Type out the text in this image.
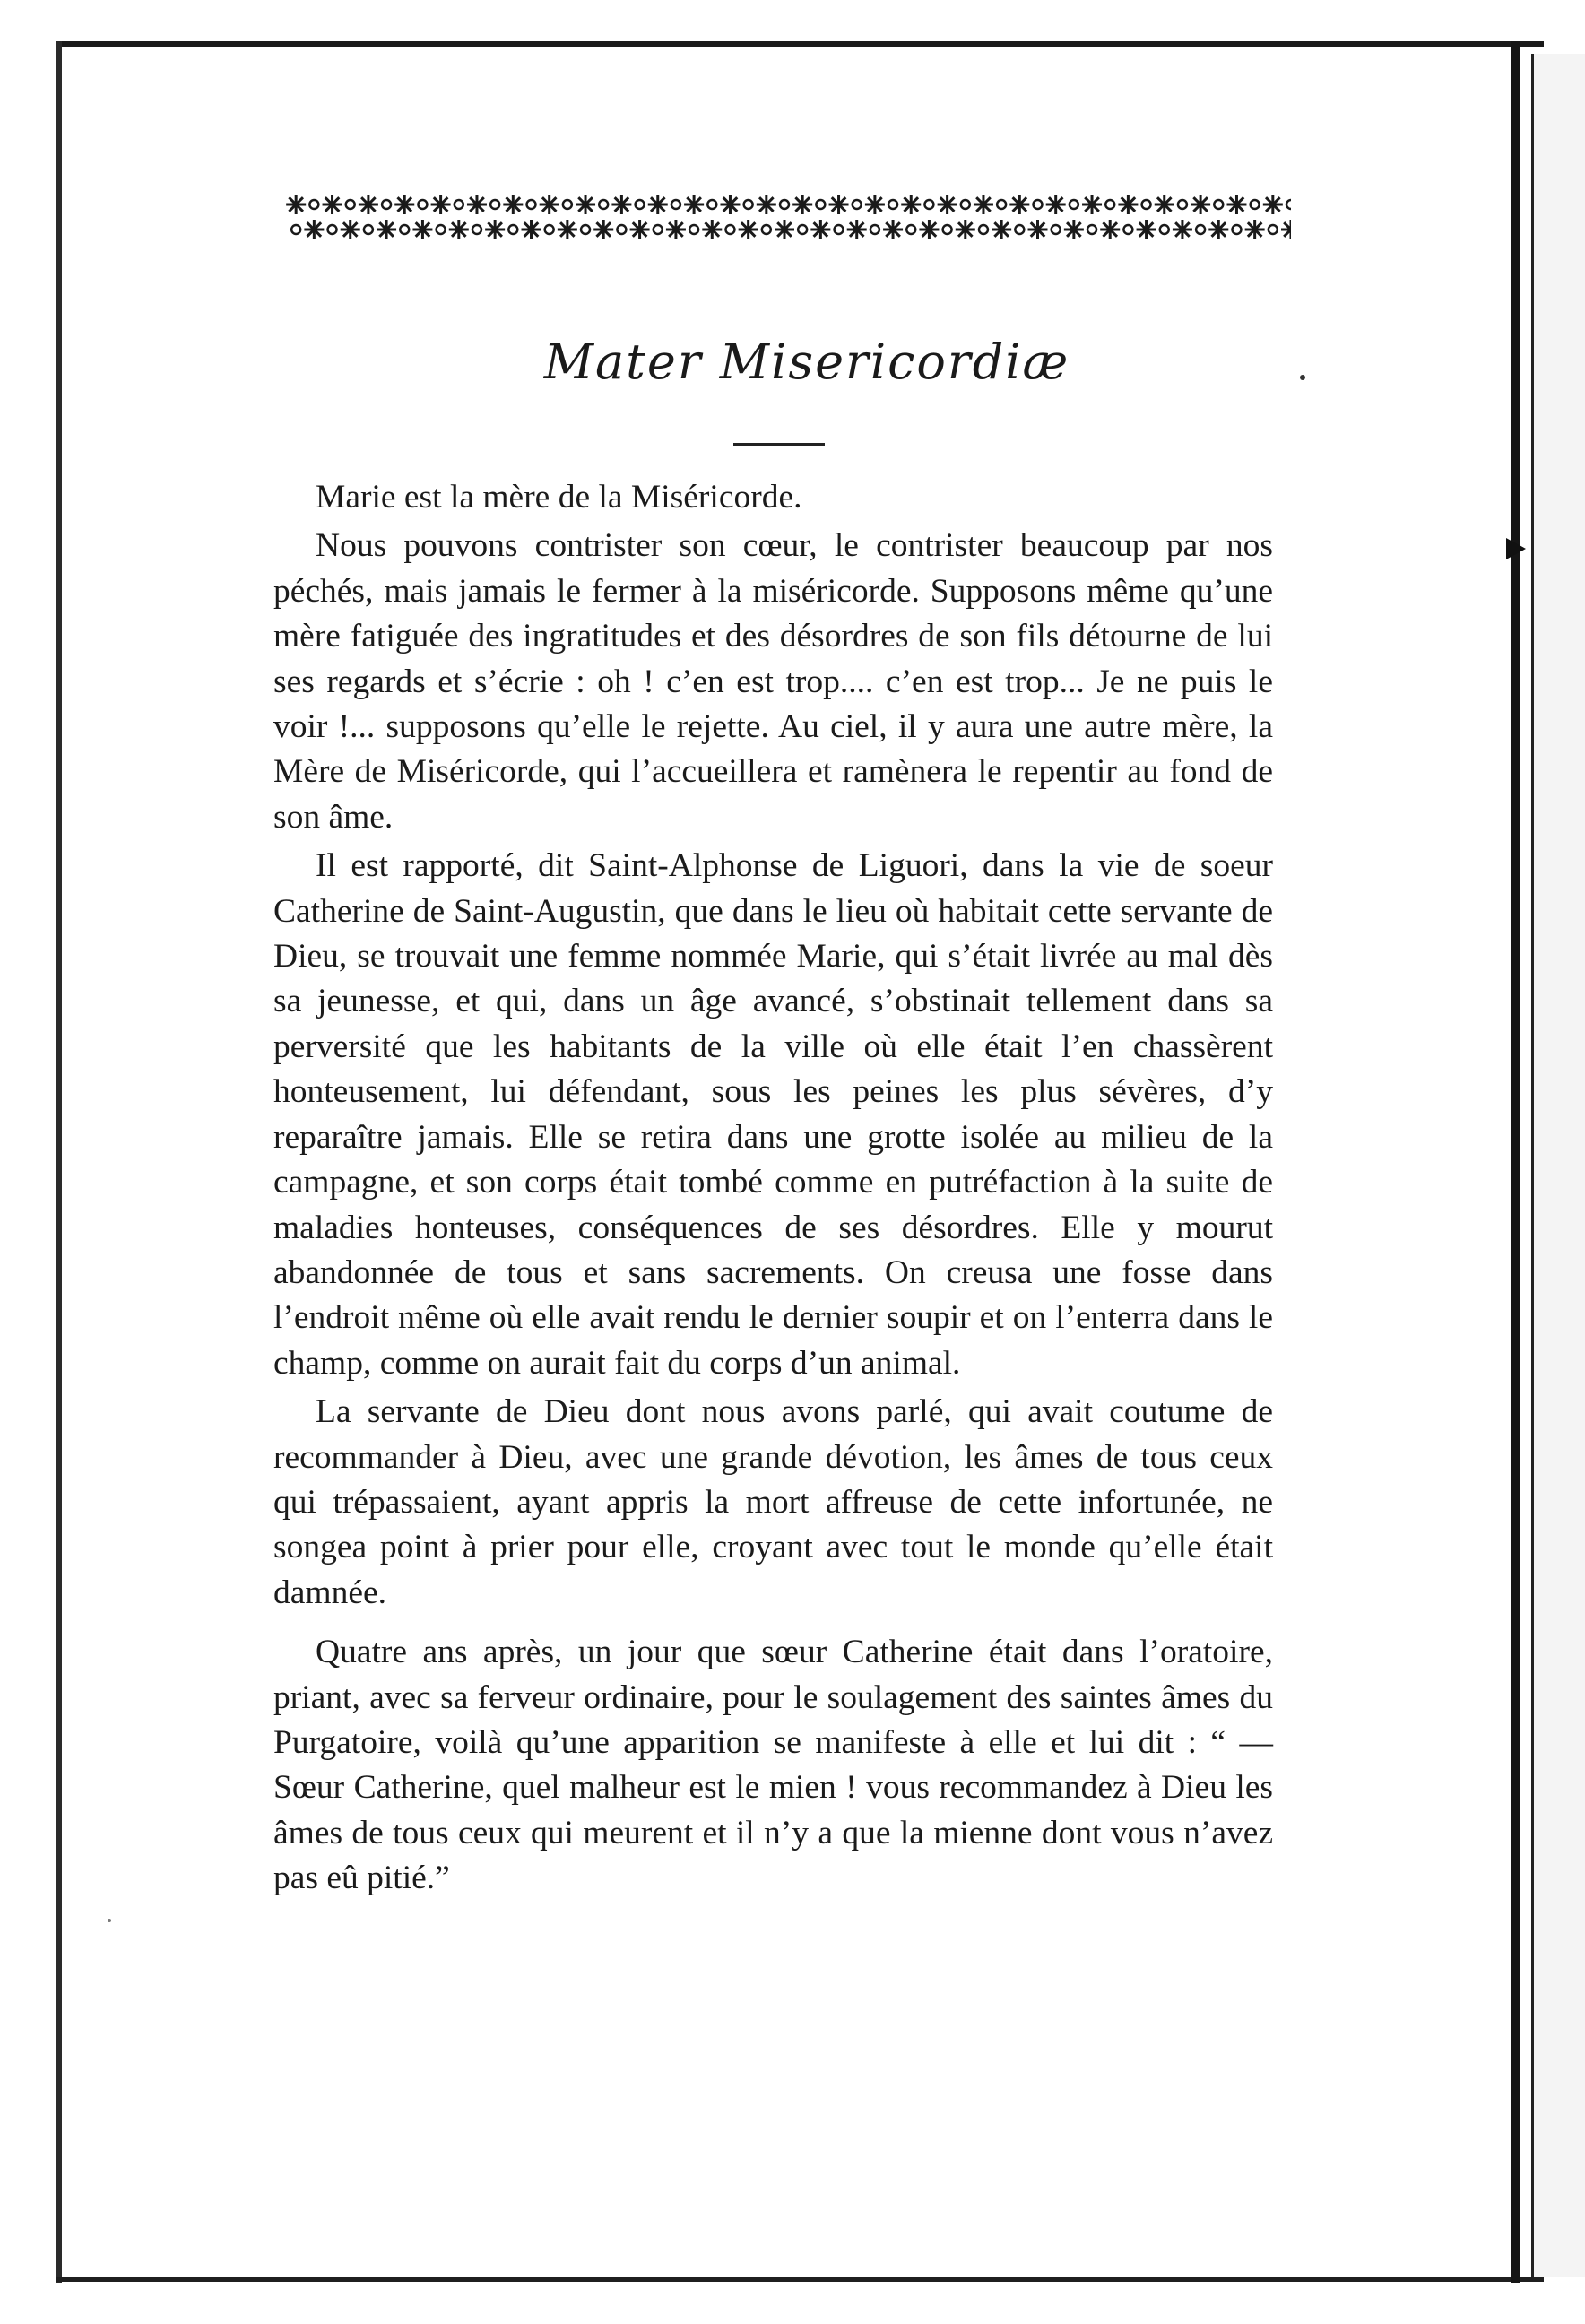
Mater Misericordiæ

Marie est la mère de la Miséricorde.

Nous pouvons contrister son cœur, le contrister beaucoup par nos péchés, mais jamais le fermer à la miséricorde. Supposons même qu’une mère fatiguée des ingratitudes et des désordres de son fils détourne de lui ses regards et s’écrie : oh ! c’en est trop.... c’en est trop... Je ne puis le voir !... supposons qu’elle le rejette. Au ciel, il y aura une autre mère, la Mère de Miséricorde, qui l’accueillera et ramènera le repentir au fond de son âme.

Il est rapporté, dit Saint-Alphonse de Liguori, dans la vie de soeur Catherine de Saint-Augustin, que dans le lieu où habitait cette servante de Dieu, se trouvait une femme nommée Marie, qui s’était livrée au mal dès sa jeunesse, et qui, dans un âge avancé, s’obstinait tellement dans sa perversité que les habitants de la ville où elle était l’en chassèrent honteusement, lui défendant, sous les peines les plus sévères, d’y reparaître jamais. Elle se retira dans une grotte isolée au milieu de la campagne, et son corps était tombé comme en putréfaction à la suite de maladies honteuses, conséquences de ses désordres. Elle y mourut abandonnée de tous et sans sacrements. On creusa une fosse dans l’endroit même où elle avait rendu le dernier soupir et on l’enterra dans le champ, comme on aurait fait du corps d’un animal.

La servante de Dieu dont nous avons parlé, qui avait coutume de recommander à Dieu, avec une grande dévotion, les âmes de tous ceux qui trépassaient, ayant appris la mort affreuse de cette infortunée, ne songea point à prier pour elle, croyant avec tout le monde qu’elle était damnée.

Quatre ans après, un jour que sœur Catherine était dans l’oratoire, priant, avec sa ferveur ordinaire, pour le soulagement des saintes âmes du Purgatoire, voilà qu’une apparition se manifeste à elle et lui dit : “ — Sœur Catherine, quel malheur est le mien ! vous recommandez à Dieu les âmes de tous ceux qui meurent et il n’y a que la mienne dont vous n’avez pas eû pitié.”
